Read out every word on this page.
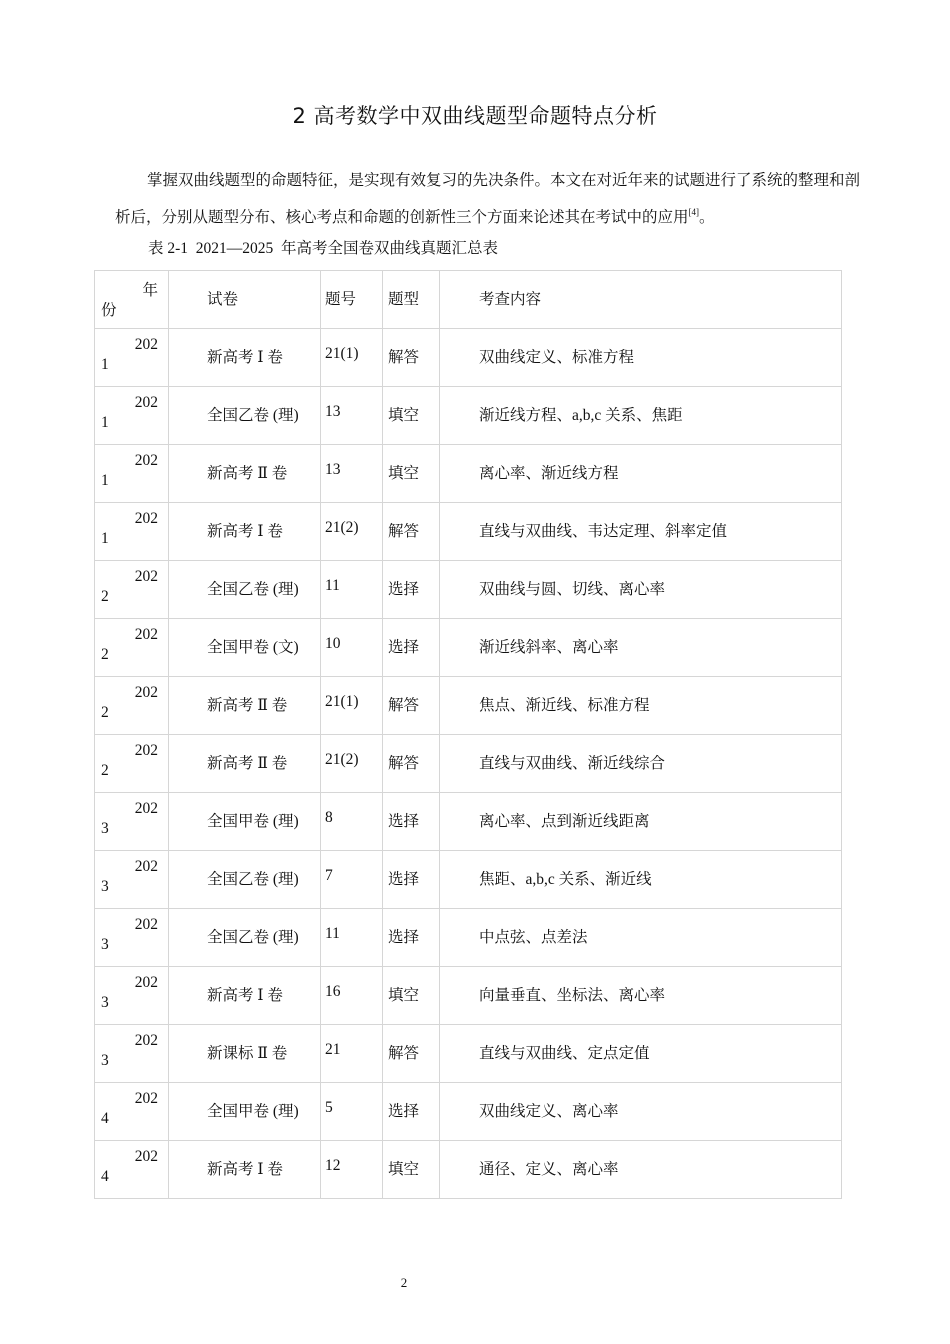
2 高考数学中双曲线题型命题特点分析

掌握双曲线题型的命题特征，是实现有效复习的先决条件。本文在对近年来的试题进行了系统的整理和剖析后，分别从题型分布、核心考点和命题的创新性三个方面来论述其在考试中的应用[4]。

表 2-1  2021—2025  年高考全国卷双曲线真题汇总表

年
份	试卷	题号	题型	考查内容

202
1	新高考 Ⅰ 卷	21(1)	解答	双曲线定义、标准方程

202
1	全国乙卷 (理)	13	填空	渐近线方程、a,b,c 关系、焦距

202
1	新高考 Ⅱ 卷	13	填空	离心率、渐近线方程

202
1	新高考 Ⅰ 卷	21(2)	解答	直线与双曲线、韦达定理、斜率定值

202
2	全国乙卷 (理)	11	选择	双曲线与圆、切线、离心率

202
2	全国甲卷 (文)	10	选择	渐近线斜率、离心率

202
2	新高考 Ⅱ 卷	21(1)	解答	焦点、渐近线、标准方程

202
2	新高考 Ⅱ 卷	21(2)	解答	直线与双曲线、渐近线综合

202
3	全国甲卷 (理)	8	选择	离心率、点到渐近线距离

202
3	全国乙卷 (理)	7	选择	焦距、a,b,c 关系、渐近线

202
3	全国乙卷 (理)	11	选择	中点弦、点差法

202
3	新高考 Ⅰ 卷	16	填空	向量垂直、坐标法、离心率

202
3	新课标 Ⅱ 卷	21	解答	直线与双曲线、定点定值

202
4	全国甲卷 (理)	5	选择	双曲线定义、离心率

202
4	新高考 Ⅰ 卷	12	填空	通径、定义、离心率

2
